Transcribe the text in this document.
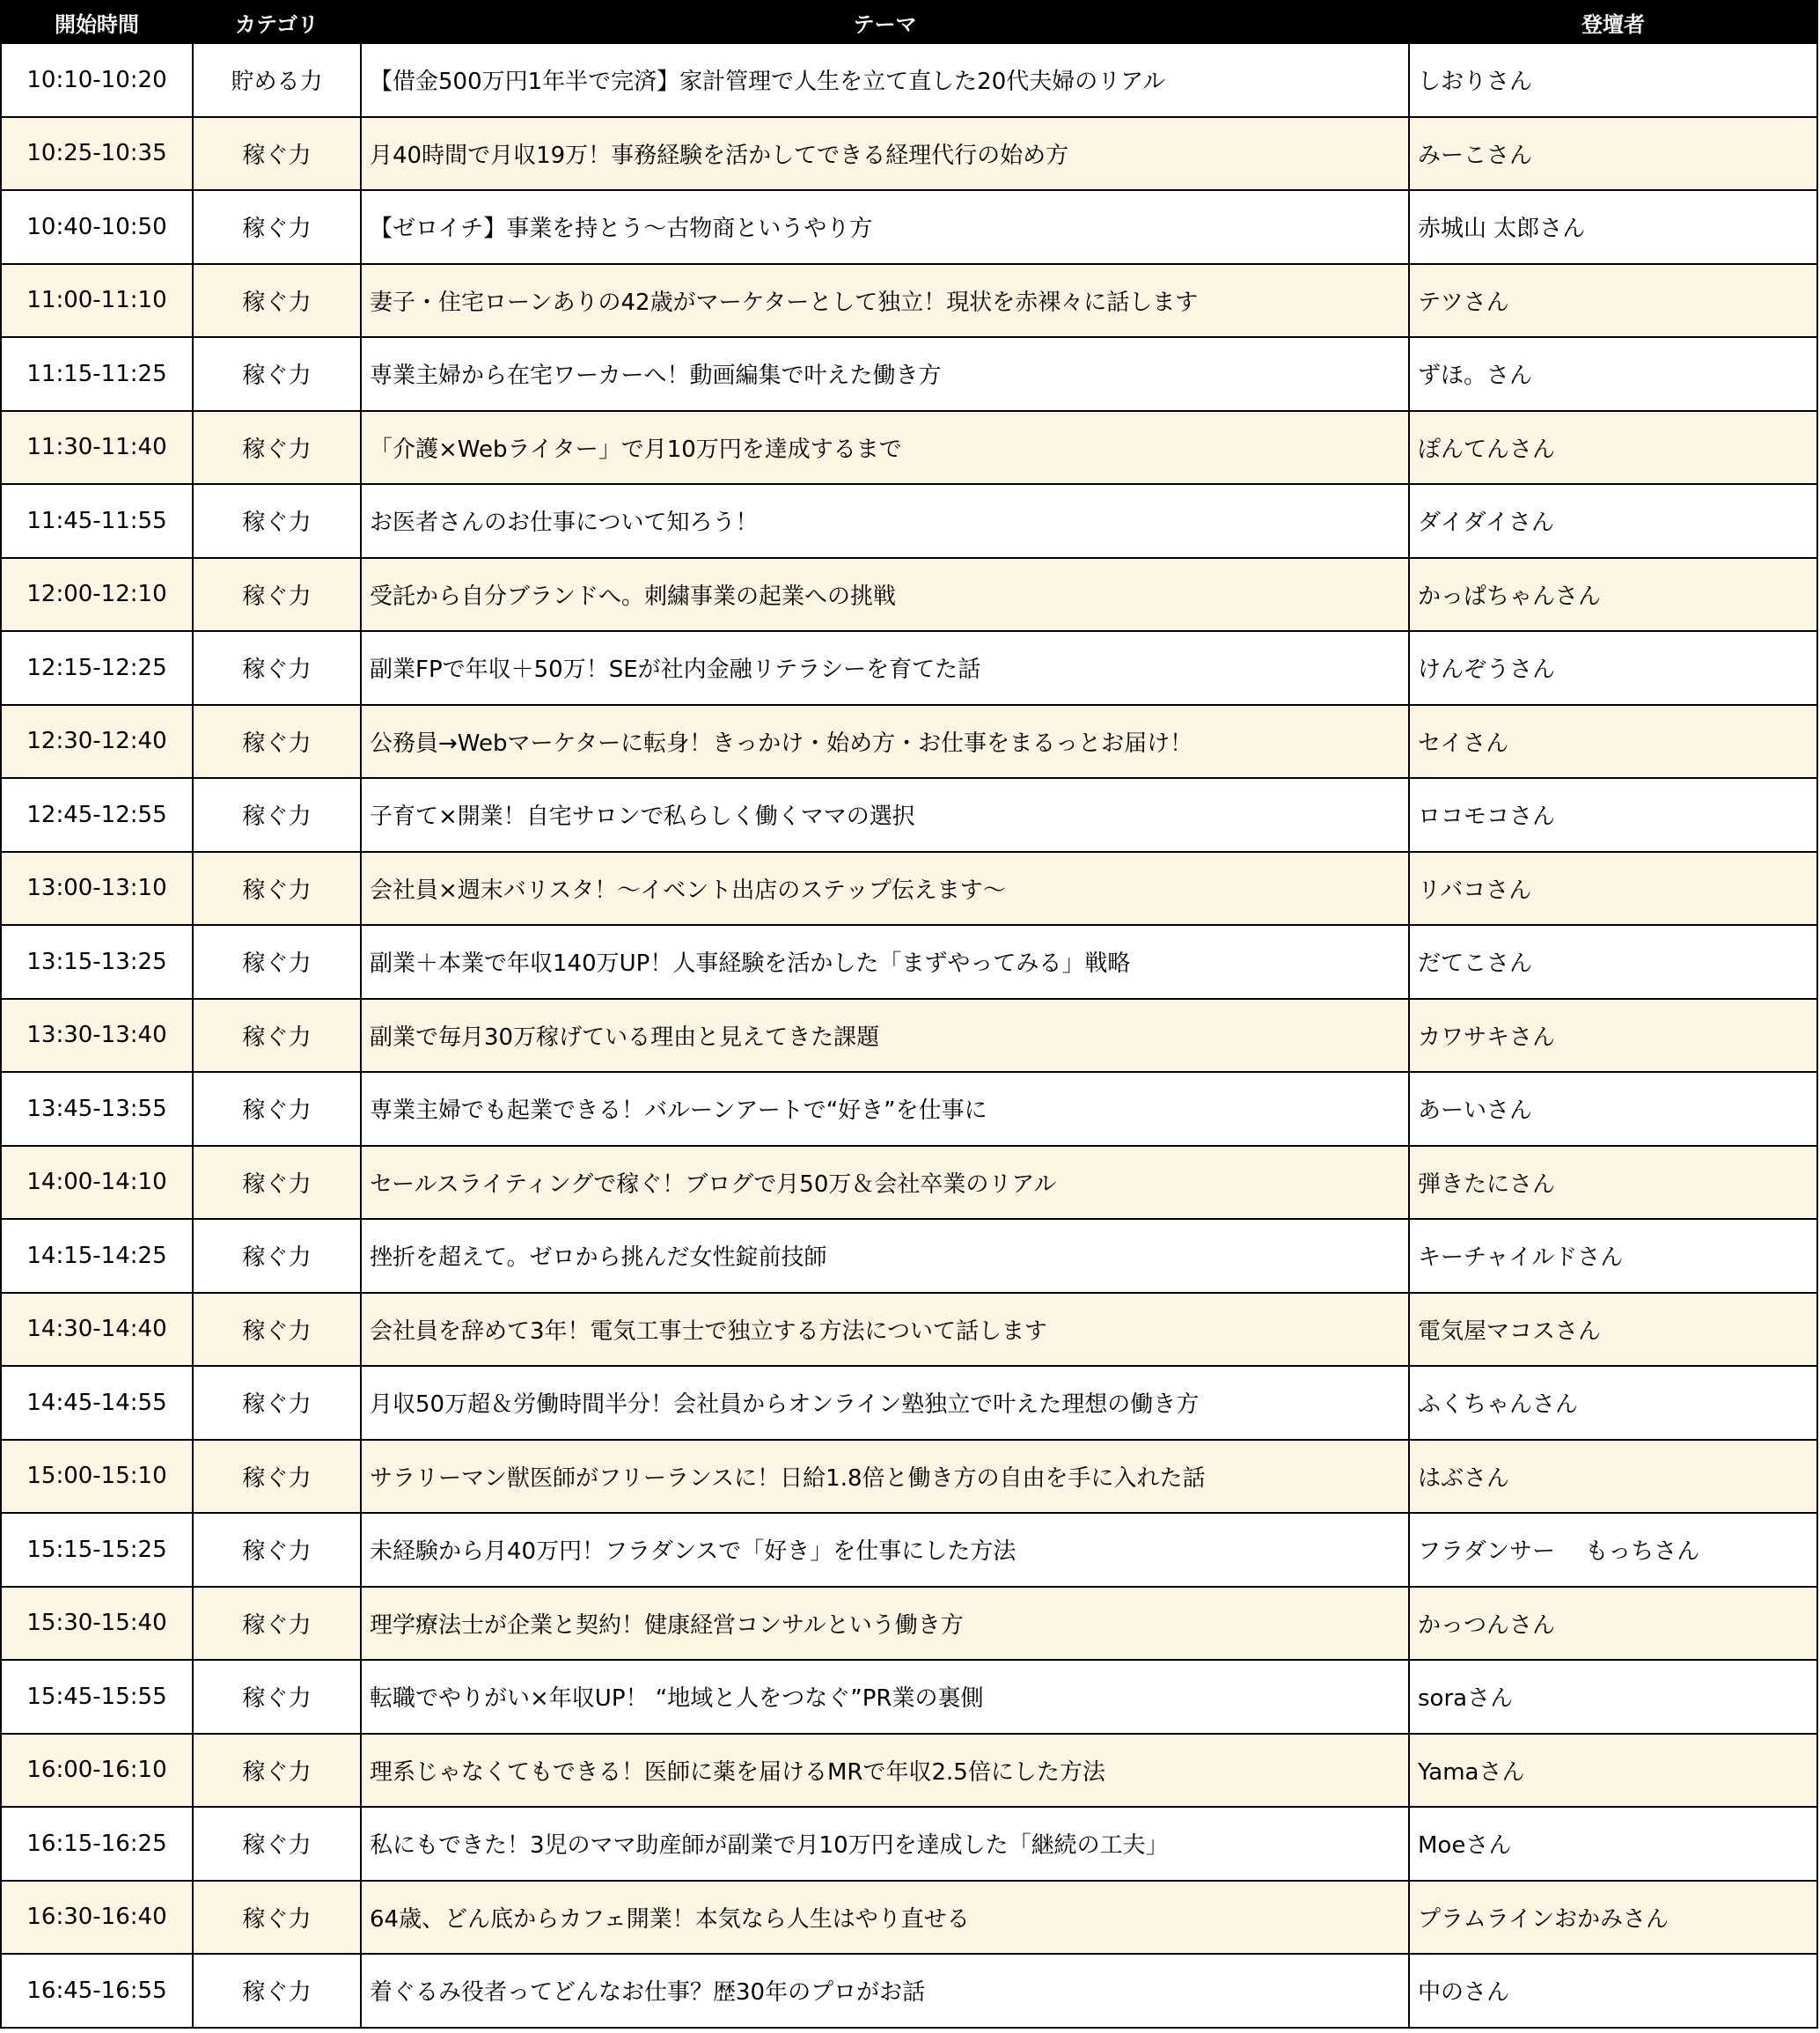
開始時間	カテゴリ	テーマ	登壇者
10:10-10:20	貯める力	【借金500万円1年半で完済】家計管理で人生を立て直した20代夫婦のリアル	しおりさん
10:25-10:35	稼ぐ力	月40時間で月収19万！事務経験を活かしてできる経理代行の始め方	みーこさん
10:40-10:50	稼ぐ力	【ゼロイチ】事業を持とう～古物商というやり方	赤城山 太郎さん
11:00-11:10	稼ぐ力	妻子・住宅ローンありの42歳がマーケターとして独立！現状を赤裸々に話します	テツさん
11:15-11:25	稼ぐ力	専業主婦から在宅ワーカーへ！動画編集で叶えた働き方	ずほ。さん
11:30-11:40	稼ぐ力	「介護×Webライター」で月10万円を達成するまで	ぽんてんさん
11:45-11:55	稼ぐ力	お医者さんのお仕事について知ろう！	ダイダイさん
12:00-12:10	稼ぐ力	受託から自分ブランドへ。刺繍事業の起業への挑戦	かっぱちゃんさん
12:15-12:25	稼ぐ力	副業FPで年収＋50万！SEが社内金融リテラシーを育てた話	けんぞうさん
12:30-12:40	稼ぐ力	公務員→Webマーケターに転身！きっかけ・始め方・お仕事をまるっとお届け！	セイさん
12:45-12:55	稼ぐ力	子育て×開業！自宅サロンで私らしく働くママの選択	ロコモコさん
13:00-13:10	稼ぐ力	会社員×週末バリスタ！～イベント出店のステップ伝えます～	リバコさん
13:15-13:25	稼ぐ力	副業＋本業で年収140万UP！人事経験を活かした「まずやってみる」戦略	だてこさん
13:30-13:40	稼ぐ力	副業で毎月30万稼げている理由と見えてきた課題	カワサキさん
13:45-13:55	稼ぐ力	専業主婦でも起業できる！バルーンアートで“好き”を仕事に	あーいさん
14:00-14:10	稼ぐ力	セールスライティングで稼ぐ！ブログで月50万＆会社卒業のリアル	弾きたにさん
14:15-14:25	稼ぐ力	挫折を超えて。ゼロから挑んだ女性錠前技師	キーチャイルドさん
14:30-14:40	稼ぐ力	会社員を辞めて3年！電気工事士で独立する方法について話します	電気屋マコスさん
14:45-14:55	稼ぐ力	月収50万超＆労働時間半分！会社員からオンライン塾独立で叶えた理想の働き方	ふくちゃんさん
15:00-15:10	稼ぐ力	サラリーマン獣医師がフリーランスに！日給1.8倍と働き方の自由を手に入れた話	はぶさん
15:15-15:25	稼ぐ力	未経験から月40万円！フラダンスで「好き」を仕事にした方法	フラダンサー　 もっちさん
15:30-15:40	稼ぐ力	理学療法士が企業と契約！健康経営コンサルという働き方	かっつんさん
15:45-15:55	稼ぐ力	転職でやりがい×年収UP！ “地域と人をつなぐ”PR業の裏側	soraさん
16:00-16:10	稼ぐ力	理系じゃなくてもできる！医師に薬を届けるMRで年収2.5倍にした方法	Yamaさん
16:15-16:25	稼ぐ力	私にもできた！3児のママ助産師が副業で月10万円を達成した「継続の工夫」	Moeさん
16:30-16:40	稼ぐ力	64歳、どん底からカフェ開業！本気なら人生はやり直せる	プラムラインおかみさん
16:45-16:55	稼ぐ力	着ぐるみ役者ってどんなお仕事？歴30年のプロがお話	中のさん
